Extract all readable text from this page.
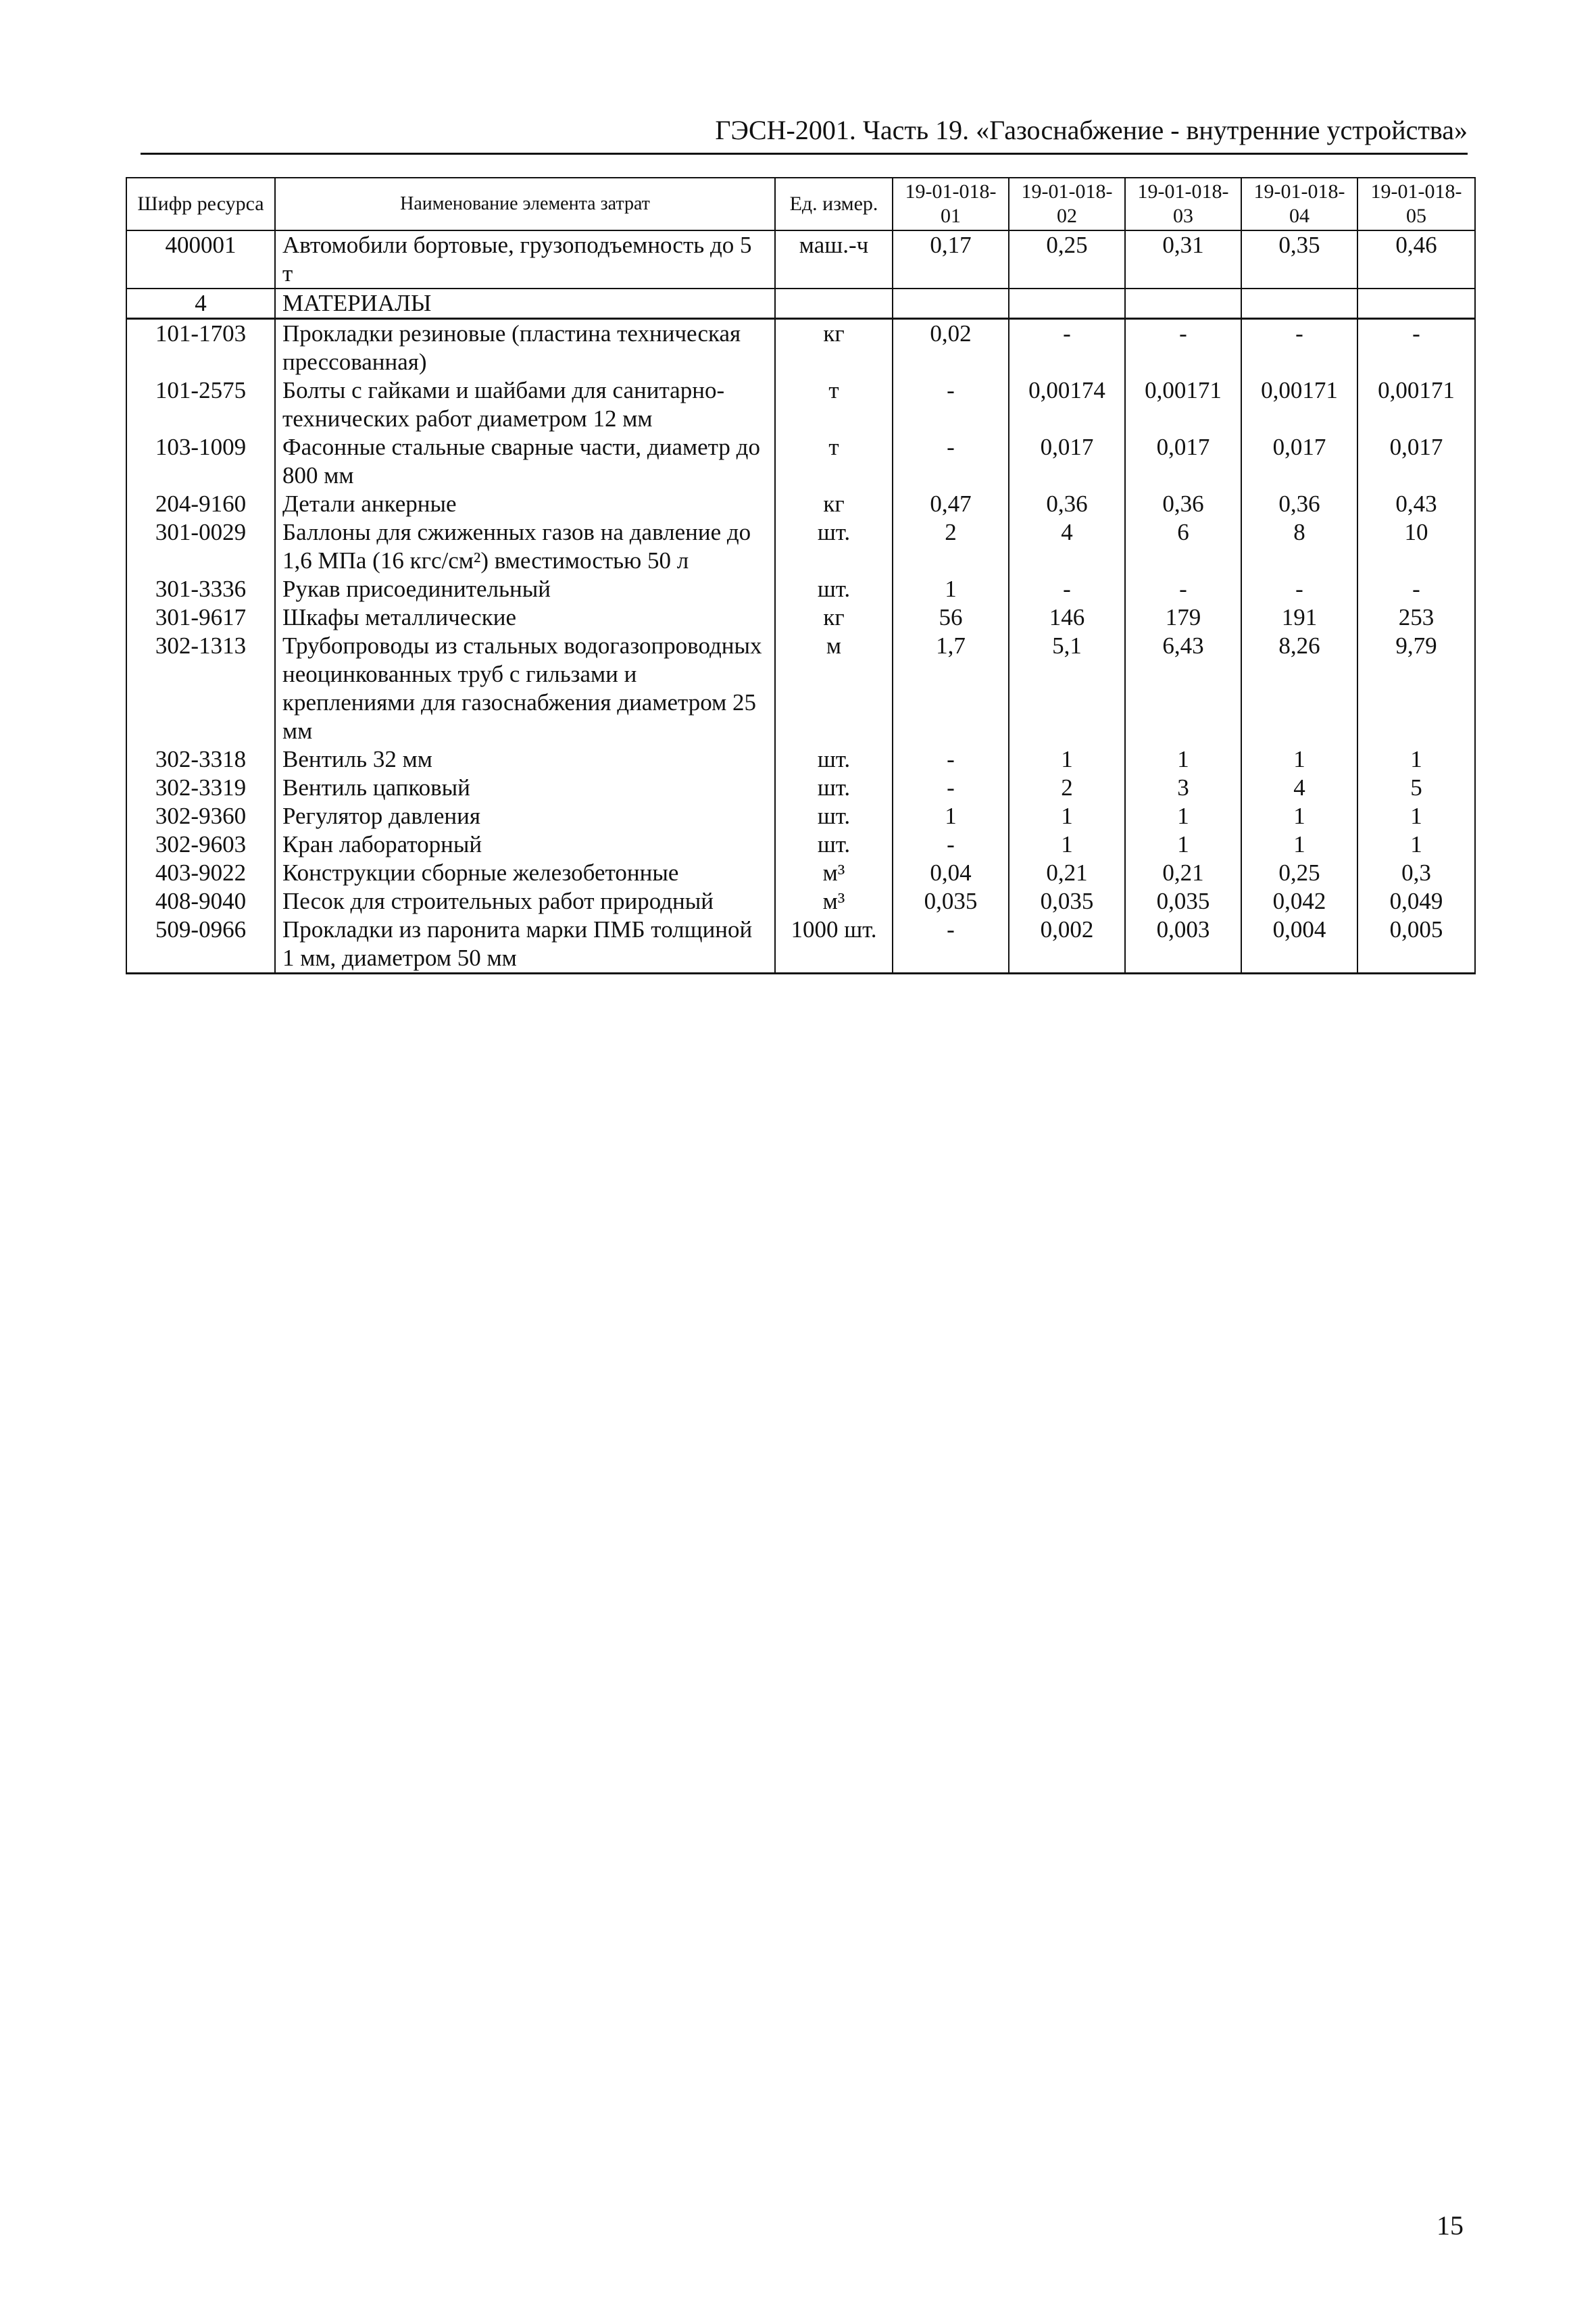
ГЭСН-2001. Часть 19. «Газоснабжение - внутренние устройства»
Шифр ресурса	Наименование элемента затрат	Ед. измер.	19-01-018-01	19-01-018-02	19-01-018-03	19-01-018-04	19-01-018-05
400001	Автомобили бортовые, грузоподъемность до 5 т	маш.-ч	0,17	0,25	0,31	0,35	0,46
4	МАТЕРИАЛЫ						
101-1703	Прокладки резиновые (пластина техническая прессованная)	кг	0,02	-	-	-	-
101-2575	Болты с гайками и шайбами для санитарно-технических работ диаметром 12 мм	т	-	0,00174	0,00171	0,00171	0,00171
103-1009	Фасонные стальные сварные части, диаметр до 800 мм	т	-	0,017	0,017	0,017	0,017
204-9160	Детали анкерные	кг	0,47	0,36	0,36	0,36	0,43
301-0029	Баллоны для сжиженных газов на давление до 1,6 МПа (16 кгс/см²) вместимостью 50 л	шт.	2	4	6	8	10
301-3336	Рукав присоединительный	шт.	1	-	-	-	-
301-9617	Шкафы металлические	кг	56	146	179	191	253
302-1313	Трубопроводы из стальных водогазопроводных неоцинкованных труб с гильзами и креплениями для газоснабжения диаметром 25 мм	м	1,7	5,1	6,43	8,26	9,79
302-3318	Вентиль 32 мм	шт.	-	1	1	1	1
302-3319	Вентиль цапковый	шт.	-	2	3	4	5
302-9360	Регулятор давления	шт.	1	1	1	1	1
302-9603	Кран лабораторный	шт.	-	1	1	1	1
403-9022	Конструкции сборные железобетонные	м³	0,04	0,21	0,21	0,25	0,3
408-9040	Песок для строительных работ природный	м³	0,035	0,035	0,035	0,042	0,049
509-0966	Прокладки из паронита марки ПМБ толщиной 1 мм, диаметром 50 мм	1000 шт.	-	0,002	0,003	0,004	0,005
15
